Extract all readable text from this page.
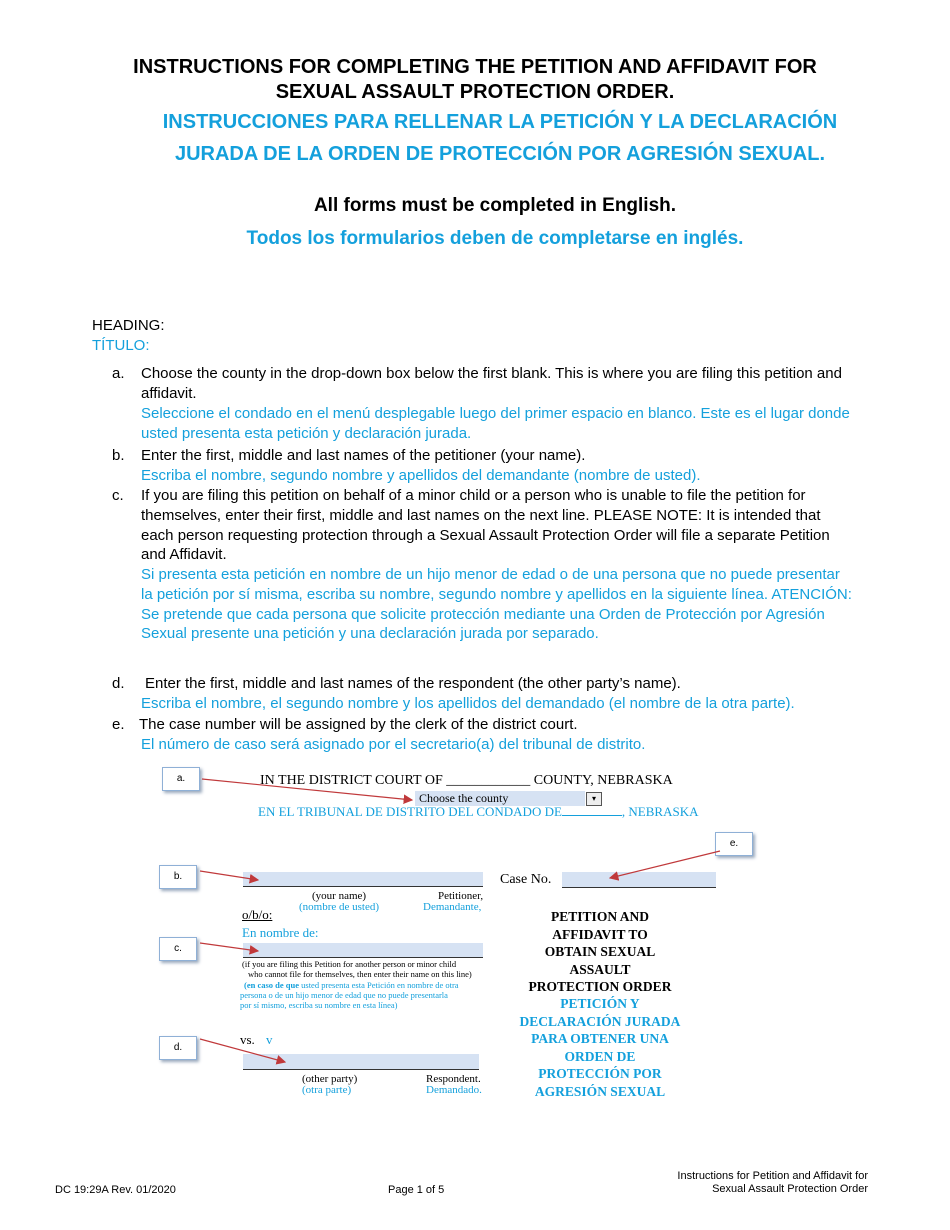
INSTRUCTIONS FOR COMPLETING THE PETITION AND AFFIDAVIT FOR
SEXUAL ASSAULT PROTECTION ORDER.
INSTRUCCIONES PARA RELLENAR LA PETICIÓN Y LA DECLARACIÓN
JURADA DE LA ORDEN DE PROTECCIÓN POR AGRESIÓN SEXUAL.
All forms must be completed in English.
Todos los formularios deben de completarse en inglés.
HEADING:
TÍTULO:
a. Choose the county in the drop-down box below the first blank. This is where you are filing this petition and affidavit.
Seleccione el condado en el menú desplegable luego del primer espacio en blanco. Este es el lugar donde usted presenta esta petición y declaración jurada.
b. Enter the first, middle and last names of the petitioner (your name).
Escriba el nombre, segundo nombre y apellidos del demandante (nombre de usted).
c. If you are filing this petition on behalf of a minor child or a person who is unable to file the petition for themselves, enter their first, middle and last names on the next line. PLEASE NOTE: It is intended that each person requesting protection through a Sexual Assault Protection Order will file a separate Petition and Affidavit.
Si presenta esta petición en nombre de un hijo menor de edad o de una persona que no puede presentar la petición por sí misma, escriba su nombre, segundo nombre y apellidos en la siguiente línea. ATENCIÓN: Se pretende que cada persona que solicite protección mediante una Orden de Protección por Agresión Sexual presente una petición y una declaración jurada por separado.
d. Enter the first, middle and last names of the respondent (the other party’s name).
Escriba el nombre, el segundo nombre y los apellidos del demandado (el nombre de la otra parte).
e. The case number will be assigned by the clerk of the district court.
El número de caso será asignado por el secretario(a) del tribunal de distrito.
IN THE DISTRICT COURT OF ____________ COUNTY, NEBRASKA
Choose the county	▾
EN EL TRIBUNAL DE DISTRITO DEL CONDADO DE	, NEBRASKA
(your name)
(nombre de usted)
Petitioner,
Demandante,
Case No.
o/b/o:
En nombre de:
(if you are filing this Petition for another person or minor child
who cannot file for themselves, then enter their name on this line)
(en caso de que usted presenta esta Petición en nombre de otra
persona o de un hijo menor de edad que no puede presentarla
por sí mismo, escriba su nombre en esta línea)
vs. v
(other party)
(otra parte)
Respondent.
Demandado.
PETITION AND
AFFIDAVIT TO
OBTAIN SEXUAL
ASSAULT
PROTECTION ORDER
PETICIÓN Y
DECLARACIÓN JURADA
PARA OBTENER UNA
ORDEN DE
PROTECCIÓN POR
AGRESIÓN SEXUAL
a.
b.
c.
d.
e.
DC 19:29A Rev. 01/2020	Page 1 of 5
Instructions for Petition and Affidavit for
Sexual Assault Protection Order
